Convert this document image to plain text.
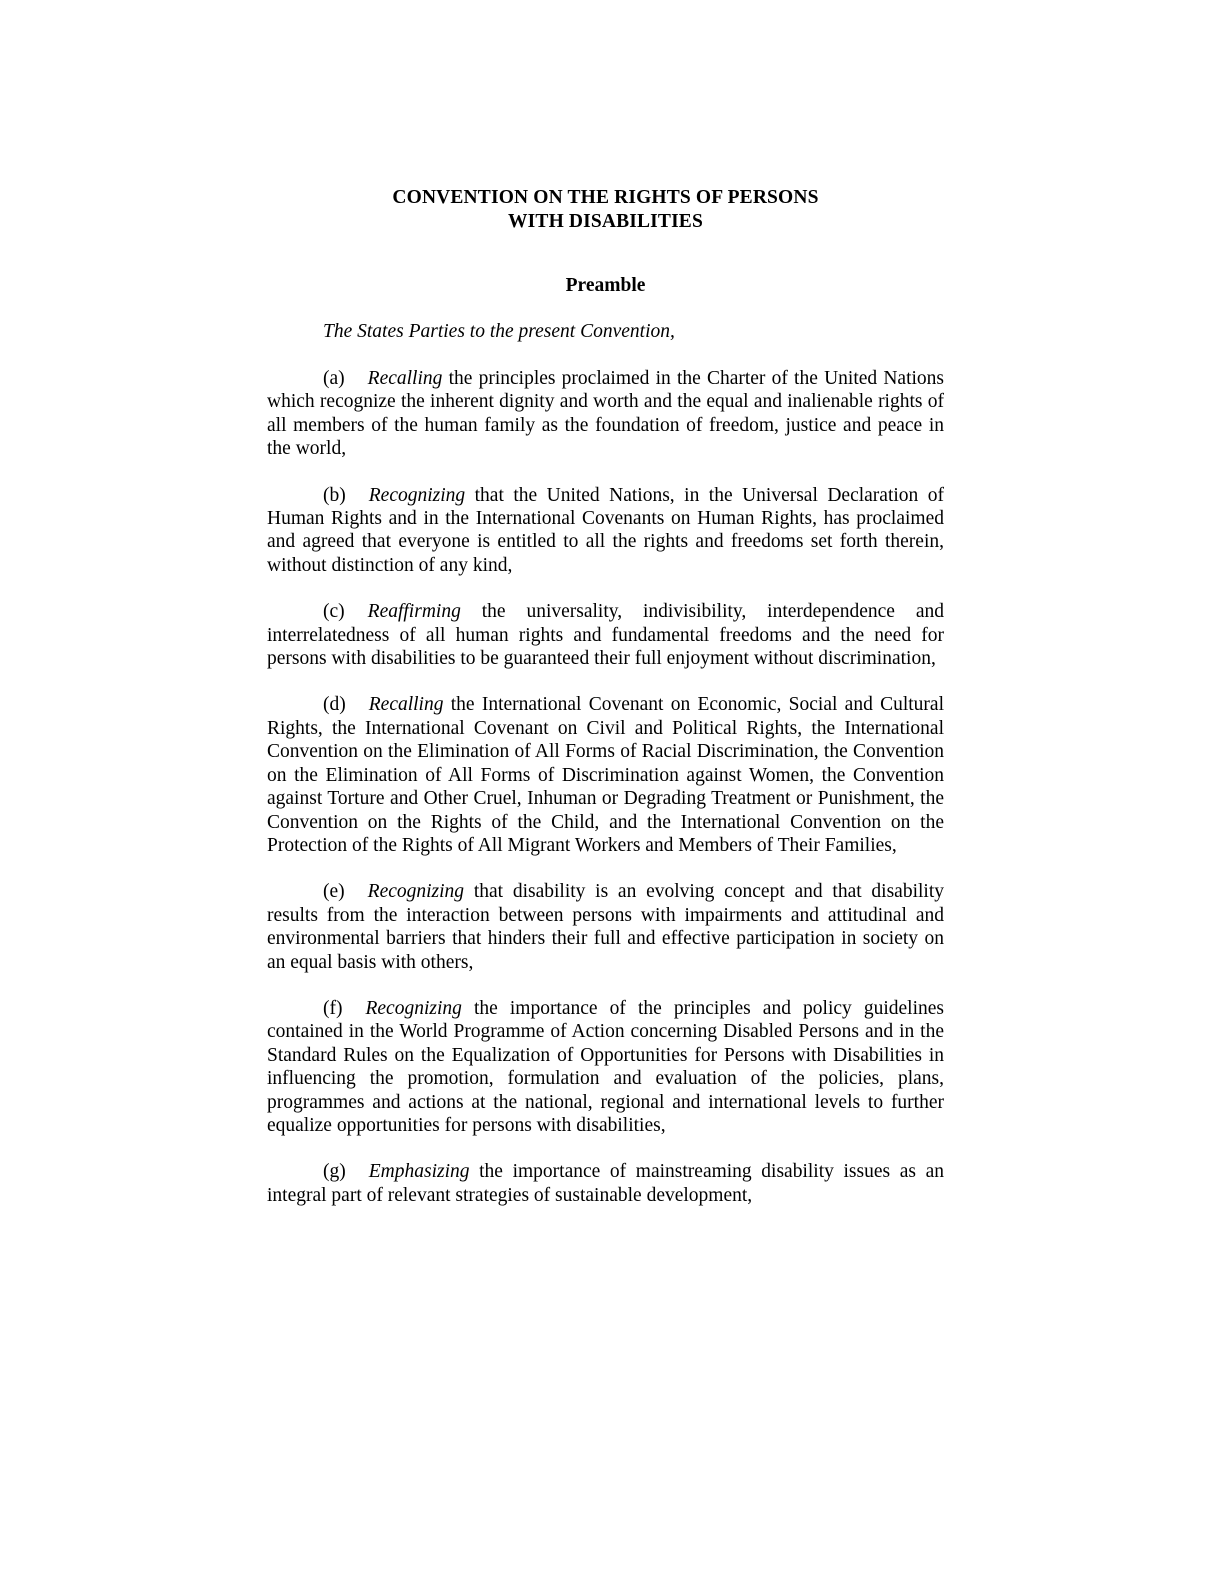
CONVENTION ON THE RIGHTS OF PERSONS
WITH DISABILITIES
Preamble

The States Parties to the present Convention,

(a) Recalling the principles proclaimed in the Charter of the United Nations which recognize the inherent dignity and worth and the equal and inalienable rights of all members of the human family as the foundation of freedom, justice and peace in the world,

(b) Recognizing that the United Nations, in the Universal Declaration of Human Rights and in the International Covenants on Human Rights, has proclaimed and agreed that everyone is entitled to all the rights and freedoms set forth therein, without distinction of any kind,

(c) Reaffirming the universality, indivisibility, interdependence and interrelatedness of all human rights and fundamental freedoms and the need for persons with disabilities to be guaranteed their full enjoyment without discrimination,

(d) Recalling the International Covenant on Economic, Social and Cultural Rights, the International Covenant on Civil and Political Rights, the International Convention on the Elimination of All Forms of Racial Discrimination, the Convention on the Elimination of All Forms of Discrimination against Women, the Convention against Torture and Other Cruel, Inhuman or Degrading Treatment or Punishment, the Convention on the Rights of the Child, and the International Convention on the Protection of the Rights of All Migrant Workers and Members of Their Families,

(e) Recognizing that disability is an evolving concept and that disability results from the interaction between persons with impairments and attitudinal and environmental barriers that hinders their full and effective participation in society on an equal basis with others,

(f) Recognizing the importance of the principles and policy guidelines contained in the World Programme of Action concerning Disabled Persons and in the Standard Rules on the Equalization of Opportunities for Persons with Disabilities in influencing the promotion, formulation and evaluation of the policies, plans, programmes and actions at the national, regional and international levels to further equalize opportunities for persons with disabilities,

(g) Emphasizing the importance of mainstreaming disability issues as an integral part of relevant strategies of sustainable development,
